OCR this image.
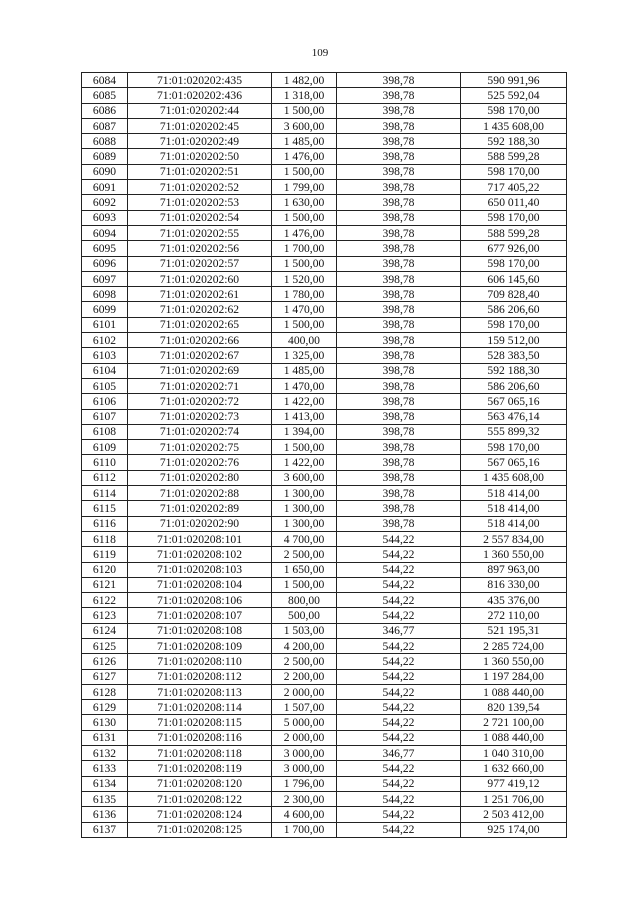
109
6084	71:01:020202:435	1 482,00	398,78	590 991,96
6085	71:01:020202:436	1 318,00	398,78	525 592,04
6086	71:01:020202:44	1 500,00	398,78	598 170,00
6087	71:01:020202:45	3 600,00	398,78	1 435 608,00
6088	71:01:020202:49	1 485,00	398,78	592 188,30
6089	71:01:020202:50	1 476,00	398,78	588 599,28
6090	71:01:020202:51	1 500,00	398,78	598 170,00
6091	71:01:020202:52	1 799,00	398,78	717 405,22
6092	71:01:020202:53	1 630,00	398,78	650 011,40
6093	71:01:020202:54	1 500,00	398,78	598 170,00
6094	71:01:020202:55	1 476,00	398,78	588 599,28
6095	71:01:020202:56	1 700,00	398,78	677 926,00
6096	71:01:020202:57	1 500,00	398,78	598 170,00
6097	71:01:020202:60	1 520,00	398,78	606 145,60
6098	71:01:020202:61	1 780,00	398,78	709 828,40
6099	71:01:020202:62	1 470,00	398,78	586 206,60
6101	71:01:020202:65	1 500,00	398,78	598 170,00
6102	71:01:020202:66	400,00	398,78	159 512,00
6103	71:01:020202:67	1 325,00	398,78	528 383,50
6104	71:01:020202:69	1 485,00	398,78	592 188,30
6105	71:01:020202:71	1 470,00	398,78	586 206,60
6106	71:01:020202:72	1 422,00	398,78	567 065,16
6107	71:01:020202:73	1 413,00	398,78	563 476,14
6108	71:01:020202:74	1 394,00	398,78	555 899,32
6109	71:01:020202:75	1 500,00	398,78	598 170,00
6110	71:01:020202:76	1 422,00	398,78	567 065,16
6112	71:01:020202:80	3 600,00	398,78	1 435 608,00
6114	71:01:020202:88	1 300,00	398,78	518 414,00
6115	71:01:020202:89	1 300,00	398,78	518 414,00
6116	71:01:020202:90	1 300,00	398,78	518 414,00
6118	71:01:020208:101	4 700,00	544,22	2 557 834,00
6119	71:01:020208:102	2 500,00	544,22	1 360 550,00
6120	71:01:020208:103	1 650,00	544,22	897 963,00
6121	71:01:020208:104	1 500,00	544,22	816 330,00
6122	71:01:020208:106	800,00	544,22	435 376,00
6123	71:01:020208:107	500,00	544,22	272 110,00
6124	71:01:020208:108	1 503,00	346,77	521 195,31
6125	71:01:020208:109	4 200,00	544,22	2 285 724,00
6126	71:01:020208:110	2 500,00	544,22	1 360 550,00
6127	71:01:020208:112	2 200,00	544,22	1 197 284,00
6128	71:01:020208:113	2 000,00	544,22	1 088 440,00
6129	71:01:020208:114	1 507,00	544,22	820 139,54
6130	71:01:020208:115	5 000,00	544,22	2 721 100,00
6131	71:01:020208:116	2 000,00	544,22	1 088 440,00
6132	71:01:020208:118	3 000,00	346,77	1 040 310,00
6133	71:01:020208:119	3 000,00	544,22	1 632 660,00
6134	71:01:020208:120	1 796,00	544,22	977 419,12
6135	71:01:020208:122	2 300,00	544,22	1 251 706,00
6136	71:01:020208:124	4 600,00	544,22	2 503 412,00
6137	71:01:020208:125	1 700,00	544,22	925 174,00
